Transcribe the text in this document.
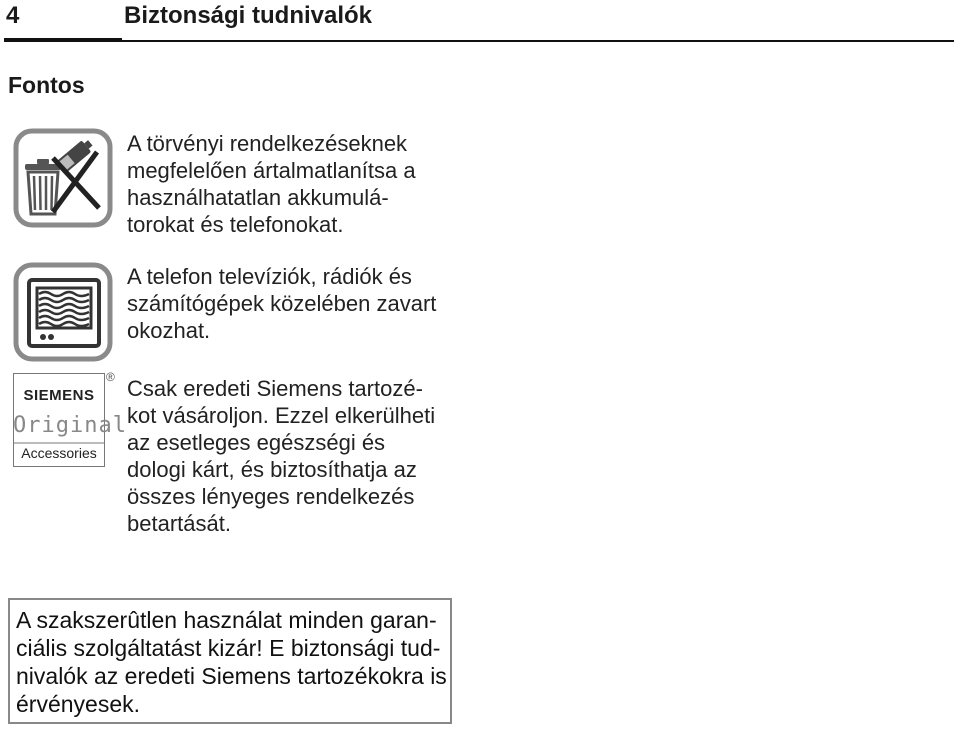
4	Biztonsági tudnivalók
Fontos
SIEMENS
Original
Accessories
®
A törvényi rendelkezéseknek
megfelelően ártalmatlanítsa a
használhatatlan akkumulá-
torokat és telefonokat.
A telefon televíziók, rádiók és
számítógépek közelében zavart
okozhat.
Csak eredeti Siemens tartozé-
kot vásároljon. Ezzel elkerülheti
az esetleges egészségi és
dologi kárt, és biztosíthatja az
összes lényeges rendelkezés
betartását.
A szakszerûtlen használat minden garan-
ciális szolgáltatást kizár! E biztonsági tud-
nivalók az eredeti Siemens tartozékokra is
érvényesek.
